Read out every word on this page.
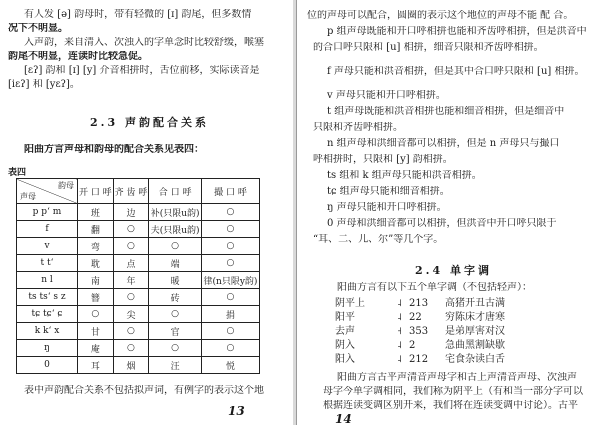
有人发 [ə] 韵母时，带有轻微的 [ɪ] 韵尾，但多数情
况下不明显。
入声韵，来自清入、次浊入的字单念时比较舒缓，喉塞
韵尾不明显，连读时比较急促。
[ɛʔ] 韵和 [ɪ] [y] 介音相拼时，舌位前移，实际读音是
[iɛʔ] 和 [yɛʔ]。
2.3 声韵配合关系
阳曲方言声母和韵母的配合关系见表四：
表四
韵母
声母	开 口 呼	齐 齿 呼	合 口 呼	撮 口 呼
p pʻ m	班	边	补(只限u韵)	○
f	翻	○	夫(只限u韵)	○
v	弯	○	○	○
t tʻ	耽	点	端	○
n l	南	年	暖	律(n只限y韵)
ts tsʻ s z	簪	○	砖	○
tɕ tɕʻ ɕ	○	尖	○	捐
k kʻ x	甘	○	官	○
ŋ	庵	○	○	○
0	耳	烟	汪	悦
表中声韵配合关系不包括拟声词，有例字的表示这个地
13
位的声母可以配合，圆圈的表示这个地位的声母不能 配 合。
p 组声母既能和开口呼相拼也能和齐齿呼相拼，但是洪音中
的合口呼只限和 [u] 相拼，细音只限和齐齿呼相拼。
f 声母只能和洪音相拼，但是其中合口呼只限和 [u] 相拼。
v 声母只能和开口呼相拼。
t 组声母既能和洪音相拼也能和细音相拼，但是细音中
只限和齐齿呼相拼。
n 组声母和洪细音都可以相拼，但是 n 声母只与撮口
呼相拼时，只限和 [y] 韵相拼。
ts 组和 k 组声母只能和洪音相拼。
tɕ 组声母只能和细音相拼。
ŋ 声母只能和开口呼相拼。
0 声母和洪细音都可以相拼，但洪音中开口呼只限于
“耳、二、儿、尔”等几个字。
2.4 单字调
阳曲方言有以下五个单字调（不包括轻声）：
阴平上	˨ 213 高猪开丑古满
阳平	˨ 22 穷陈床才唐寒
去声	˧ 353 是弟厚害对汉
阴入	˨ 2	急曲黑割缺歇
阳入	˨ 212 宅食杂读白舌
阳曲方言古平声清音声母字和古上声清音声母、次浊声
母字今单字调相同，我们称为阴平上（有和当一部分字可以
根据连读变调区别开来，我们将在连读变调中讨论）。古平
14
